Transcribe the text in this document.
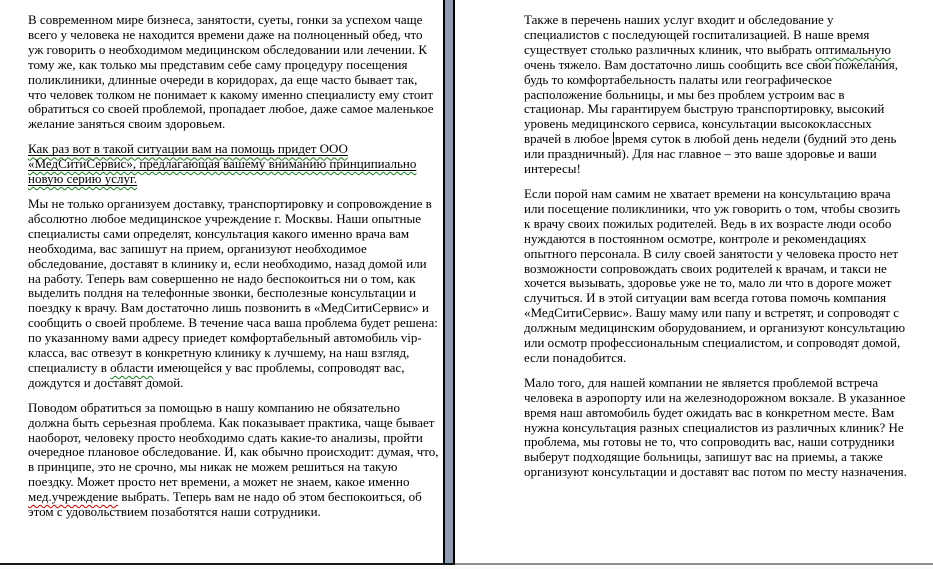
В современном мире бизнеса, занятости, суеты, гонки за успехом чаще всего у человека не находится времени даже на полноценный обед, что уж говорить о необходимом медицинском обследовании или лечении. К тому же, как только мы представим себе саму процедуру посещения поликлиники, длинные очереди в коридорах, да еще часто бывает так, что человек толком не понимает к какому именно специалисту ему стоит обратиться со своей проблемой, пропадает любое, даже самое маленькое желание заняться своим здоровьем.

Как раз вот в такой ситуации вам на помощь придет ООО «МедСитиСервис», предлагающая вашему вниманию принципиально новую серию услуг.

Мы не только организуем доставку, транспортировку и сопровождение в абсолютно любое медицинское учреждение г. Москвы. Наши опытные специалисты сами определят, консультация какого именно врача вам необходима, вас запишут на прием, организуют необходимое обследование, доставят в клинику и, если необходимо, назад домой или на работу. Теперь вам совершенно не надо беспокоиться ни о том, как выделить полдня на телефонные звонки, бесполезные консультации и поездку к врачу. Вам достаточно лишь позвонить в «МедСитиСервис» и сообщить о своей проблеме. В течение часа ваша проблема будет решена: по указанному вами адресу приедет комфортабельный автомобиль vip-класса, вас отвезут в конкретную клинику к лучшему, на наш взгляд, специалисту в области имеющейся у вас проблемы, сопроводят вас, дождутся и доставят домой.

Поводом обратиться за помощью в нашу компанию не обязательно должна быть серьезная проблема. Как показывает практика, чаще бывает наоборот, человеку просто необходимо сдать какие-то анализы, пройти очередное плановое обследование. И, как обычно происходит: думая, что, в принципе, это не срочно, мы никак не можем решиться на такую поездку. Может просто нет времени, а может не знаем, какое именно мед.учреждение выбрать. Теперь вам не надо об этом беспокоиться, об этом с удовольствием позаботятся наши сотрудники.

Также в перечень наших услуг входит и обследование у специалистов с последующей госпитализацией. В наше время существует столько различных клиник, что выбрать оптимальную очень тяжело. Вам достаточно лишь сообщить все свои пожелания, будь то комфортабельность палаты или географическое расположение больницы, и мы без проблем устроим вас в стационар. Мы гарантируем быструю транспортировку, высокий уровень медицинского сервиса, консультации высококлассных врачей в любое время суток в любой день недели (будний это день или праздничный). Для нас главное – это ваше здоровье и ваши интересы!

Если порой нам самим не хватает времени на консультацию врача или посещение поликлиники, что уж говорить о том, чтобы свозить к врачу своих пожилых родителей. Ведь в их возрасте люди особо нуждаются в постоянном осмотре, контроле и рекомендациях опытного персонала. В силу своей занятости у человека просто нет возможности сопровождать своих родителей к врачам, и такси не хочется вызывать, здоровье уже не то, мало ли что в дороге может случиться. И в этой ситуации вам всегда готова помочь компания «МедСитиСервис». Вашу маму или папу и встретят, и сопроводят с должным медицинским оборудованием, и организуют консультацию или осмотр профессиональным специалистом, и сопроводят домой, если понадобится.

Мало того, для нашей компании не является проблемой встреча человека в аэропорту или на железнодорожном вокзале. В указанное время наш автомобиль будет ожидать вас в конкретном месте. Вам нужна консультация разных специалистов из различных клиник? Не проблема, мы готовы не то, что сопроводить вас, наши сотрудники выберут подходящие больницы, запишут вас на приемы, а также организуют консультации и доставят вас потом по месту назначения.
